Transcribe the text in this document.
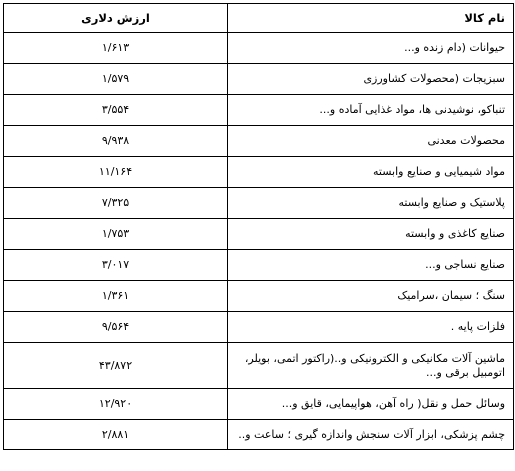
نام کالا	ارزش دلاری
حیوانات (دام زنده و...	۱/۶۱۳
سبزیجات (محصولات کشاورزی	۱/۵۷۹
تنباکو، نوشیدنی ها، مواد غذایی آماده و...	۳/۵۵۴
محصولات معدنی	۹/۹۳۸
مواد شیمیایی و صنایع وابسته	۱۱/۱۶۴
پلاستیک و صنایع وابسته	۷/۳۲۵
صنایع کاغذی و وابسته	۱/۷۵۳
صنایع نساجی و...	۳/۰۱۷
سنگ ؛ سیمان ،سرامیک	۱/۳۶۱
فلزات پایه .	۹/۵۶۴
ماشین آلات مکانیکی و الکترونیکی و..(راکتور اتمی، بویلر، اتومبیل برقی و...	۴۳/۸۷۲
وسائل حمل و نقل( راه آهن، هواپیمایی، قایق و...	۱۲/۹۲۰
چشم پزشکی، ابزار آلات سنجش واندازه گیری ؛ ساعت و..	۲/۸۸۱
